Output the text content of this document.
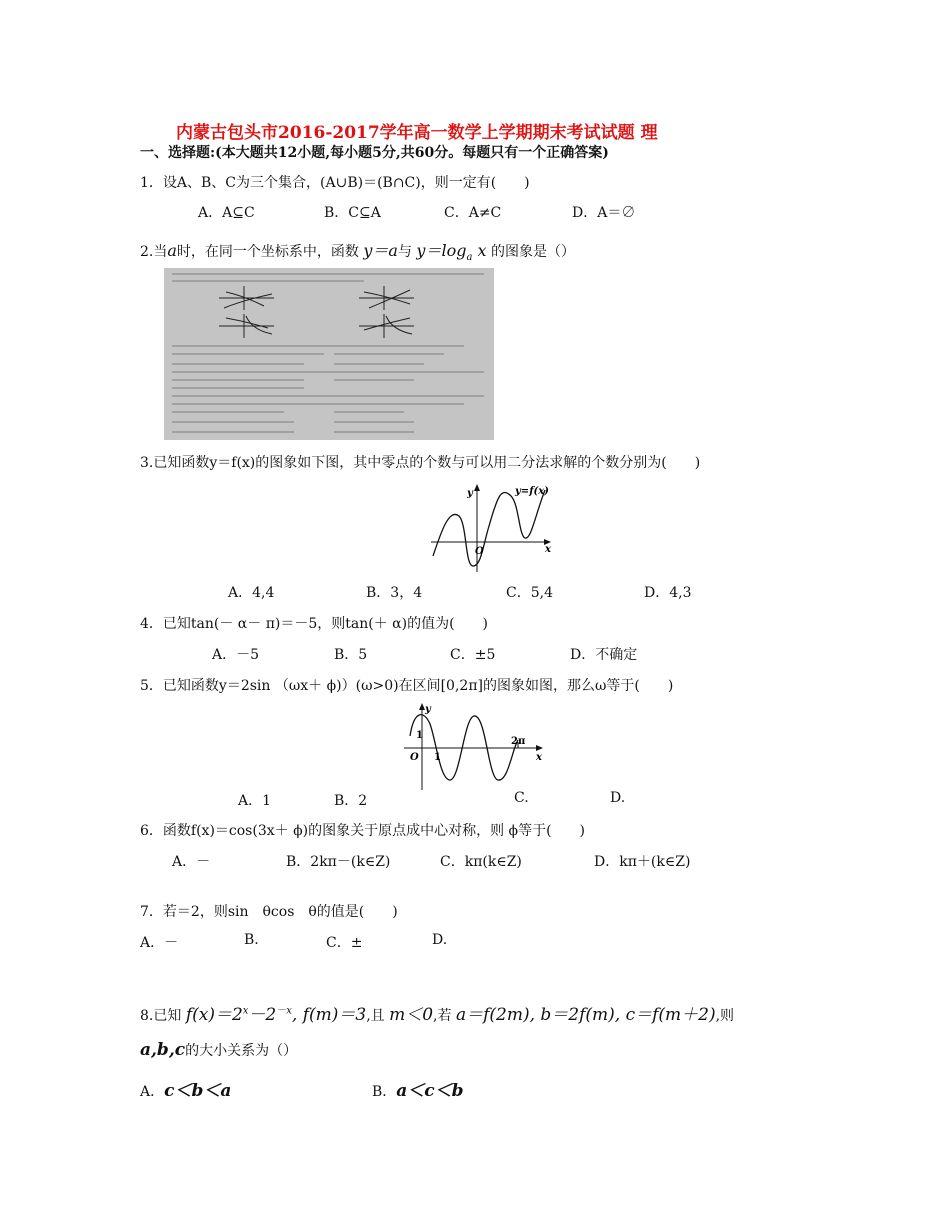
内蒙古包头市2016-2017学年高一数学上学期期末考试试题 理
一、选择题:(本大题共12小题,每小题5分,共60分。每题只有一个正确答案)
1．设A、B、C为三个集合，(A∪B)＝(B∩C)，则一定有(　　)
A．A⊆C	B．C⊆A	C．A≠C	D．A＝∅
2.当a时，在同一个坐标系中，函数 y＝a与 $y=\log_a$ x 的图象是（）
3.已知函数y＝f(x)的图象如下图，其中零点的个数与可以用二分法求解的个数分别为(　　)
y	y=f(x)
x
O
A．4,4	B．3，4	C．5,4	D．4,3
4．已知tan(－ α－ π)＝－5，则tan(＋ α)的值为(　　)
A．－5	B．5	C．±5	D．不确定
5．已知函数y＝2sin （ωx＋ ϕ)）(ω>0)在区间[0,2π]的图象如图，那么ω等于(　　)
y
1
2π
x
O 1
A．1	B．2	C.	D.
6．函数f(x)＝cos(3x＋ ϕ)的图象关于原点成中心对称，则 ϕ等于(　　)
A．－	B．2kπ－(k∈Z)	C．kπ(k∈Z)	D．kπ＋(k∈Z)
7．若＝2，则sin　θcos　θ的值是(　　)
A．－	B.	C．±	D.
8.已知 $f(x)=2^x-2^{-x}$, f(m)＝3,且 m＜0,若 a＝f(2m), b＝2f(m), c＝f(m＋2),则
a,b,c的大小关系为（）
A．c＜b＜a	B．a＜c＜b
